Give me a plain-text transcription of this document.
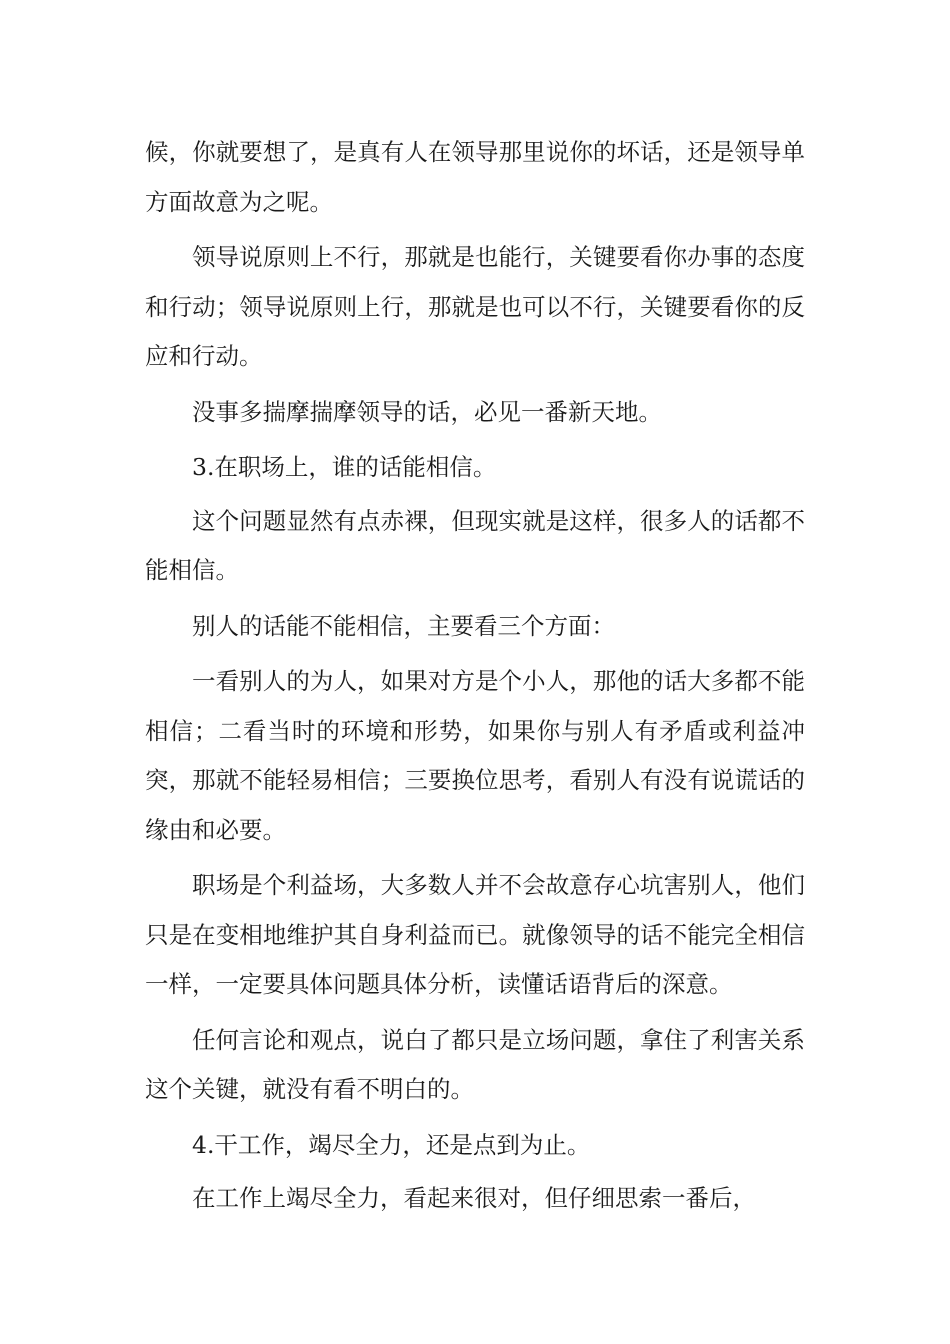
候，你就要想了，是真有人在领导那里说你的坏话，还是领导单方面故意为之呢。

领导说原则上不行，那就是也能行，关键要看你办事的态度和行动；领导说原则上行，那就是也可以不行，关键要看你的反应和行动。

没事多揣摩揣摩领导的话，必见一番新天地。

3.在职场上，谁的话能相信。

这个问题显然有点赤裸，但现实就是这样，很多人的话都不能相信。

别人的话能不能相信，主要看三个方面：

一看别人的为人，如果对方是个小人，那他的话大多都不能相信；二看当时的环境和形势，如果你与别人有矛盾或利益冲突，那就不能轻易相信；三要换位思考，看别人有没有说谎话的缘由和必要。

职场是个利益场，大多数人并不会故意存心坑害别人，他们只是在变相地维护其自身利益而已。就像领导的话不能完全相信一样，一定要具体问题具体分析，读懂话语背后的深意。

任何言论和观点，说白了都只是立场问题，拿住了利害关系这个关键，就没有看不明白的。

4.干工作，竭尽全力，还是点到为止。

在工作上竭尽全力，看起来很对，但仔细思索一番后，
